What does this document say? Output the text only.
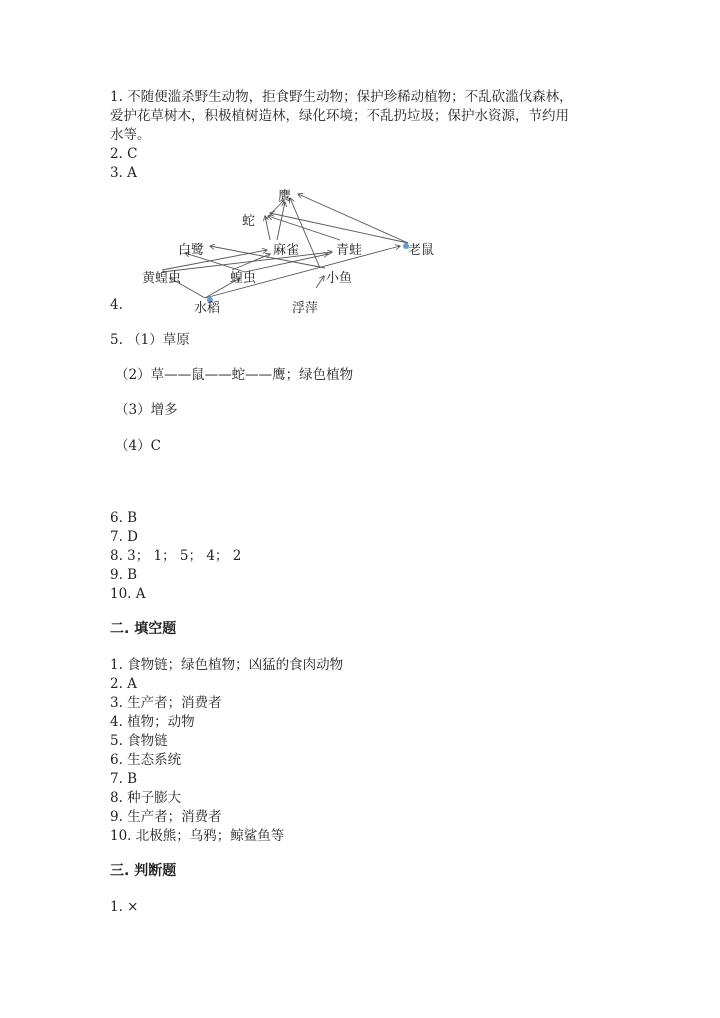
1. 不随便滥杀野生动物，拒食野生动物；保护珍稀动植物；不乱砍滥伐森林，
爱护花草树木，积极植树造林，绿化环境；不乱扔垃圾；保护水资源，节约用
水等。
2. C
3. A
鹰
蛇
白鹭	麻雀	青蛙	老鼠
黄蝗虫	蝗虫	小鱼
水稻	浮萍
4.
5. （1）草原
（2）草——鼠——蛇——鹰；绿色植物
（3）增多
（4）C
6. B
7. D
8. 3； 1； 5； 4； 2
9. B
10. A
二. 填空题
1. 食物链；绿色植物；凶猛的食肉动物
2. A
3. 生产者；消费者
4. 植物；动物
5. 食物链
6. 生态系统
7. B
8. 种子膨大
9. 生产者；消费者
10. 北极熊；乌鸦；鲸鲨鱼等
三. 判断题
1. ×
